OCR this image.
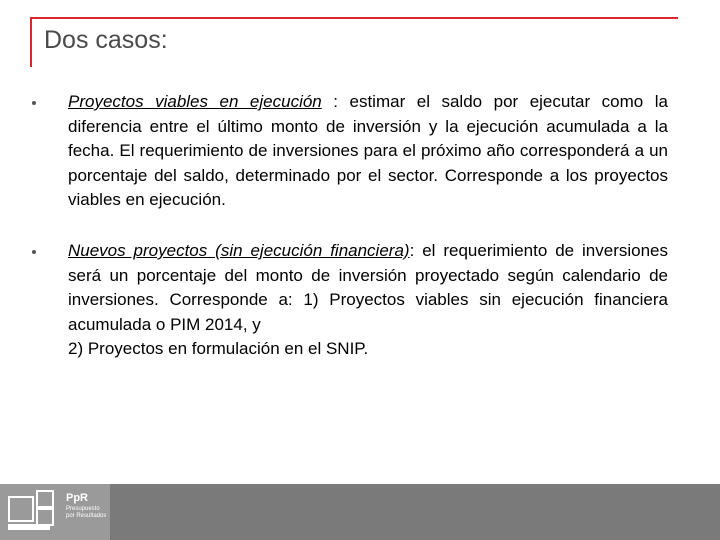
Dos casos:
Proyectos viables en ejecución : estimar el saldo por ejecutar como la diferencia entre el último monto de inversión y la ejecución acumulada a la fecha. El requerimiento de inversiones para el próximo año corresponderá a un porcentaje del saldo, determinado por el sector. Corresponde a los proyectos viables en ejecución.
Nuevos proyectos (sin ejecución financiera): el requerimiento de inversiones será un porcentaje del monto de inversión proyectado según calendario de inversiones. Corresponde a: 1) Proyectos viables sin ejecución financiera acumulada o PIM 2014, y
2) Proyectos en formulación en el SNIP.
PpR
Presupuesto por Resultados
